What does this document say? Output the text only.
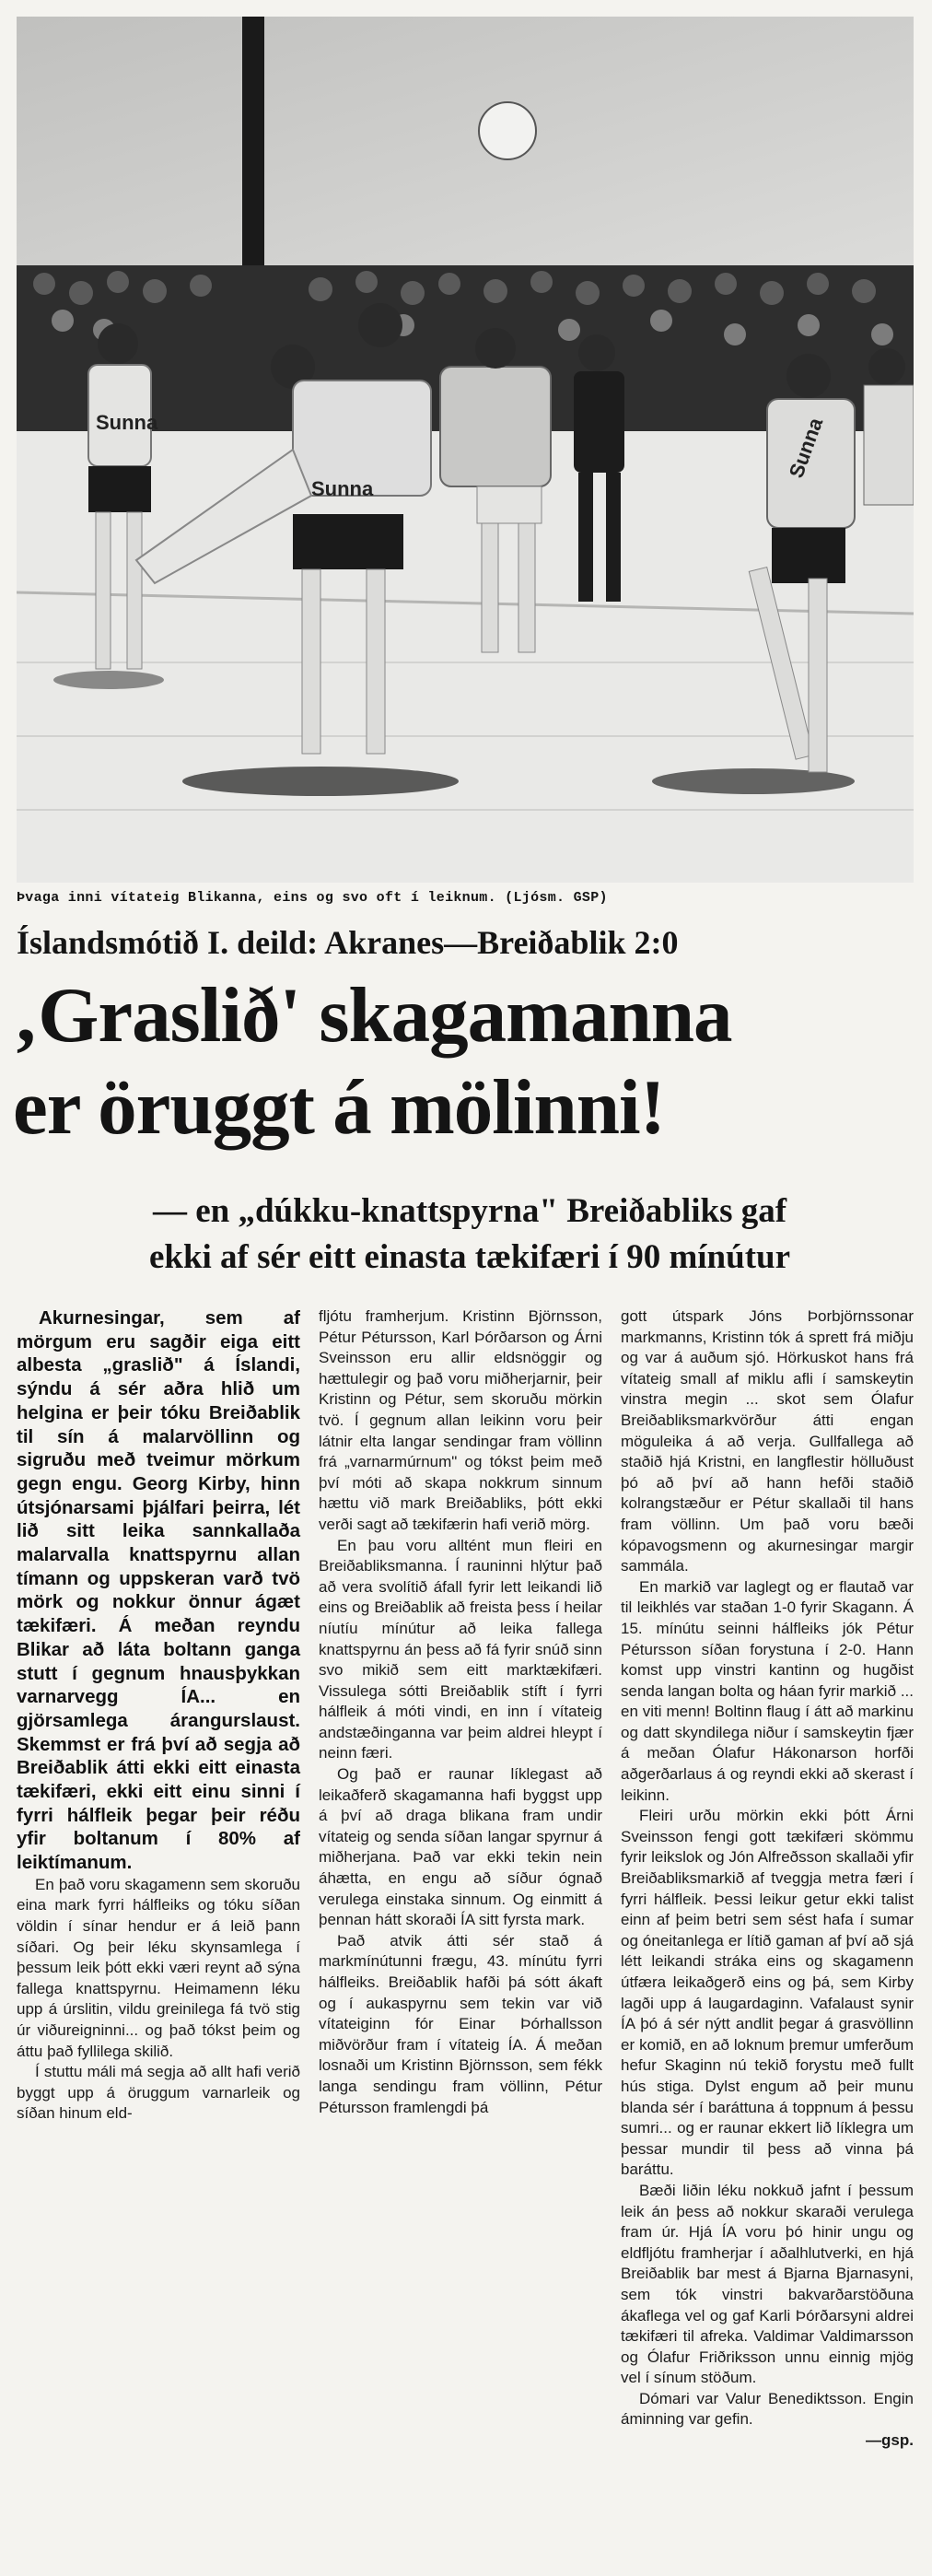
Sunna
Sunna
Sunna
Þvaga inni vítateig Blikanna, eins og svo oft í leiknum. (Ljósm. GSP)
Íslandsmótið I. deild: Akranes—Breiðablik 2:0
‚Graslið' skagamanna
er öruggt á mölinni!
— en „dúkku-knattspyrna" Breiðabliks gaf
ekki af sér eitt einasta tækifæri í 90 mínútur

Akurnesingar, sem af mörgum eru sagðir eiga eitt albesta „graslið" á Íslandi, sýndu á sér aðra hlið um helgina er þeir tóku Breiðablik til sín á malarvöllinn og sigruðu með tveimur mörkum gegn engu. Georg Kirby, hinn útsjónarsami þjálfari þeirra, lét lið sitt leika sannkallaða malarvalla knattspyrnu allan tímann og uppskeran varð tvö mörk og nokkur önnur ágæt tækifæri. Á meðan reyndu Blikar að láta boltann ganga stutt í gegnum hnausþykkan varnarvegg ÍA... en gjörsamlega árangurslaust. Skemmst er frá því að segja að Breiðablik átti ekki eitt einasta tækifæri, ekki eitt einu sinni í fyrri hálfleik þegar þeir réðu yfir boltanum í 80% af leiktímanum.

En það voru skagamenn sem skoruðu eina mark fyrri hálfleiks og tóku síðan völdin í sínar hendur er á leið þann síðari. Og þeir léku skynsamlega í þessum leik þótt ekki væri reynt að sýna fallega knattspyrnu. Heimamenn léku upp á úrslitin, vildu greinilega fá tvö stig úr viðureigninni... og það tókst þeim og áttu það fyllilega skilið.

Í stuttu máli má segja að allt hafi verið byggt upp á öruggum varnarleik og síðan hinum eld-

fljótu framherjum. Kristinn Björnsson, Pétur Pétursson, Karl Þórðarson og Árni Sveinsson eru allir eldsnöggir og hættulegir og það voru miðherjarnir, þeir Kristinn og Pétur, sem skoruðu mörkin tvö. Í gegnum allan leikinn voru þeir látnir elta langar sendingar fram völlinn frá „varnarmúrnum" og tókst þeim með því móti að skapa nokkrum sinnum hættu við mark Breiðabliks, þótt ekki verði sagt að tækifærin hafi verið mörg.

En þau voru alltént mun fleiri en Breiðabliksmanna. Í rauninni hlýtur það að vera svolítið áfall fyrir lett leikandi lið eins og Breiðablik að freista þess í heilar níutíu mínútur að leika fallega knattspyrnu án þess að fá fyrir snúð sinn svo mikið sem eitt marktækifæri. Vissulega sótti Breiðablik stíft í fyrri hálfleik á móti vindi, en inn í vítateig andstæðinganna var þeim aldrei hleypt í neinn færi.

Og það er raunar líklegast að leikaðferð skagamanna hafi byggst upp á því að draga blikana fram undir vítateig og senda síðan langar spyrnur á miðherjana. Það var ekki tekin nein áhætta, en engu að síður ógnað verulega einstaka sinnum. Og einmitt á þennan hátt skoraði ÍA sitt fyrsta mark.

Það atvik átti sér stað á markmínútunni frægu, 43. mínútu fyrri hálfleiks. Breiðablik hafði þá sótt ákaft og í aukaspyrnu sem tekin var við vítateiginn fór Einar Þórhallsson miðvörður fram í vítateig ÍA. Á meðan losnaði um Kristinn Björnsson, sem fékk langa sendingu fram völlinn, Pétur Pétursson framlengdi þá

gott útspark Jóns Þorbjörnssonar markmanns, Kristinn tók á sprett frá miðju og var á auðum sjó. Hörkuskot hans frá vítateig small af miklu afli í samskeytin vinstra megin ... skot sem Ólafur Breiðabliksmarkvörður átti engan möguleika á að verja. Gullfallega að staðið hjá Kristni, en langflestir hölluðust þó að því að hann hefði staðið kolrangstæður er Pétur skallaði til hans fram völlinn. Um það voru bæði kópavogsmenn og akurnesingar margir sammála.

En markið var laglegt og er flautað var til leikhlés var staðan 1-0 fyrir Skagann. Á 15. mínútu seinni hálfleiks jók Pétur Pétursson síðan forystuna í 2-0. Hann komst upp vinstri kantinn og hugðist senda langan bolta og háan fyrir markið ... en viti menn! Boltinn flaug í átt að markinu og datt skyndilega niður í samskeytin fjær á meðan Ólafur Hákonarson horfði aðgerðarlaus á og reyndi ekki að skerast í leikinn.

Fleiri urðu mörkin ekki þótt Árni Sveinsson fengi gott tækifæri skömmu fyrir leikslok og Jón Alfreðsson skallaði yfir Breiðabliksmarkið af tveggja metra færi í fyrri hálfleik. Þessi leikur getur ekki talist einn af þeim betri sem sést hafa í sumar og óneitanlega er lítið gaman af því að sjá létt leikandi stráka eins og skagamenn útfæra leikaðgerð eins og þá, sem Kirby lagði upp á laugardaginn. Vafalaust synir ÍA þó á sér nýtt andlit þegar á grasvöllinn er komið, en að loknum þremur umferðum hefur Skaginn nú tekið forystu með fullt hús stiga. Dylst engum að þeir munu blanda sér í baráttuna á toppnum á þessu sumri... og er raunar ekkert lið líklegra um þessar mundir til þess að vinna þá baráttu.

Bæði liðin léku nokkuð jafnt í þessum leik án þess að nokkur skaraði verulega fram úr. Hjá ÍA voru þó hinir ungu og eldfljótu framherjar í aðalhlutverki, en hjá Breiðablik bar mest á Bjarna Bjarnasyni, sem tók vinstri bakvarðarstöðuna ákaflega vel og gaf Karli Þórðarsyni aldrei tækifæri til afreka. Valdimar Valdimarsson og Ólafur Friðriksson unnu einnig mjög vel í sínum stöðum.

Dómari var Valur Benediktsson. Engin áminning var gefin.

—gsp.
